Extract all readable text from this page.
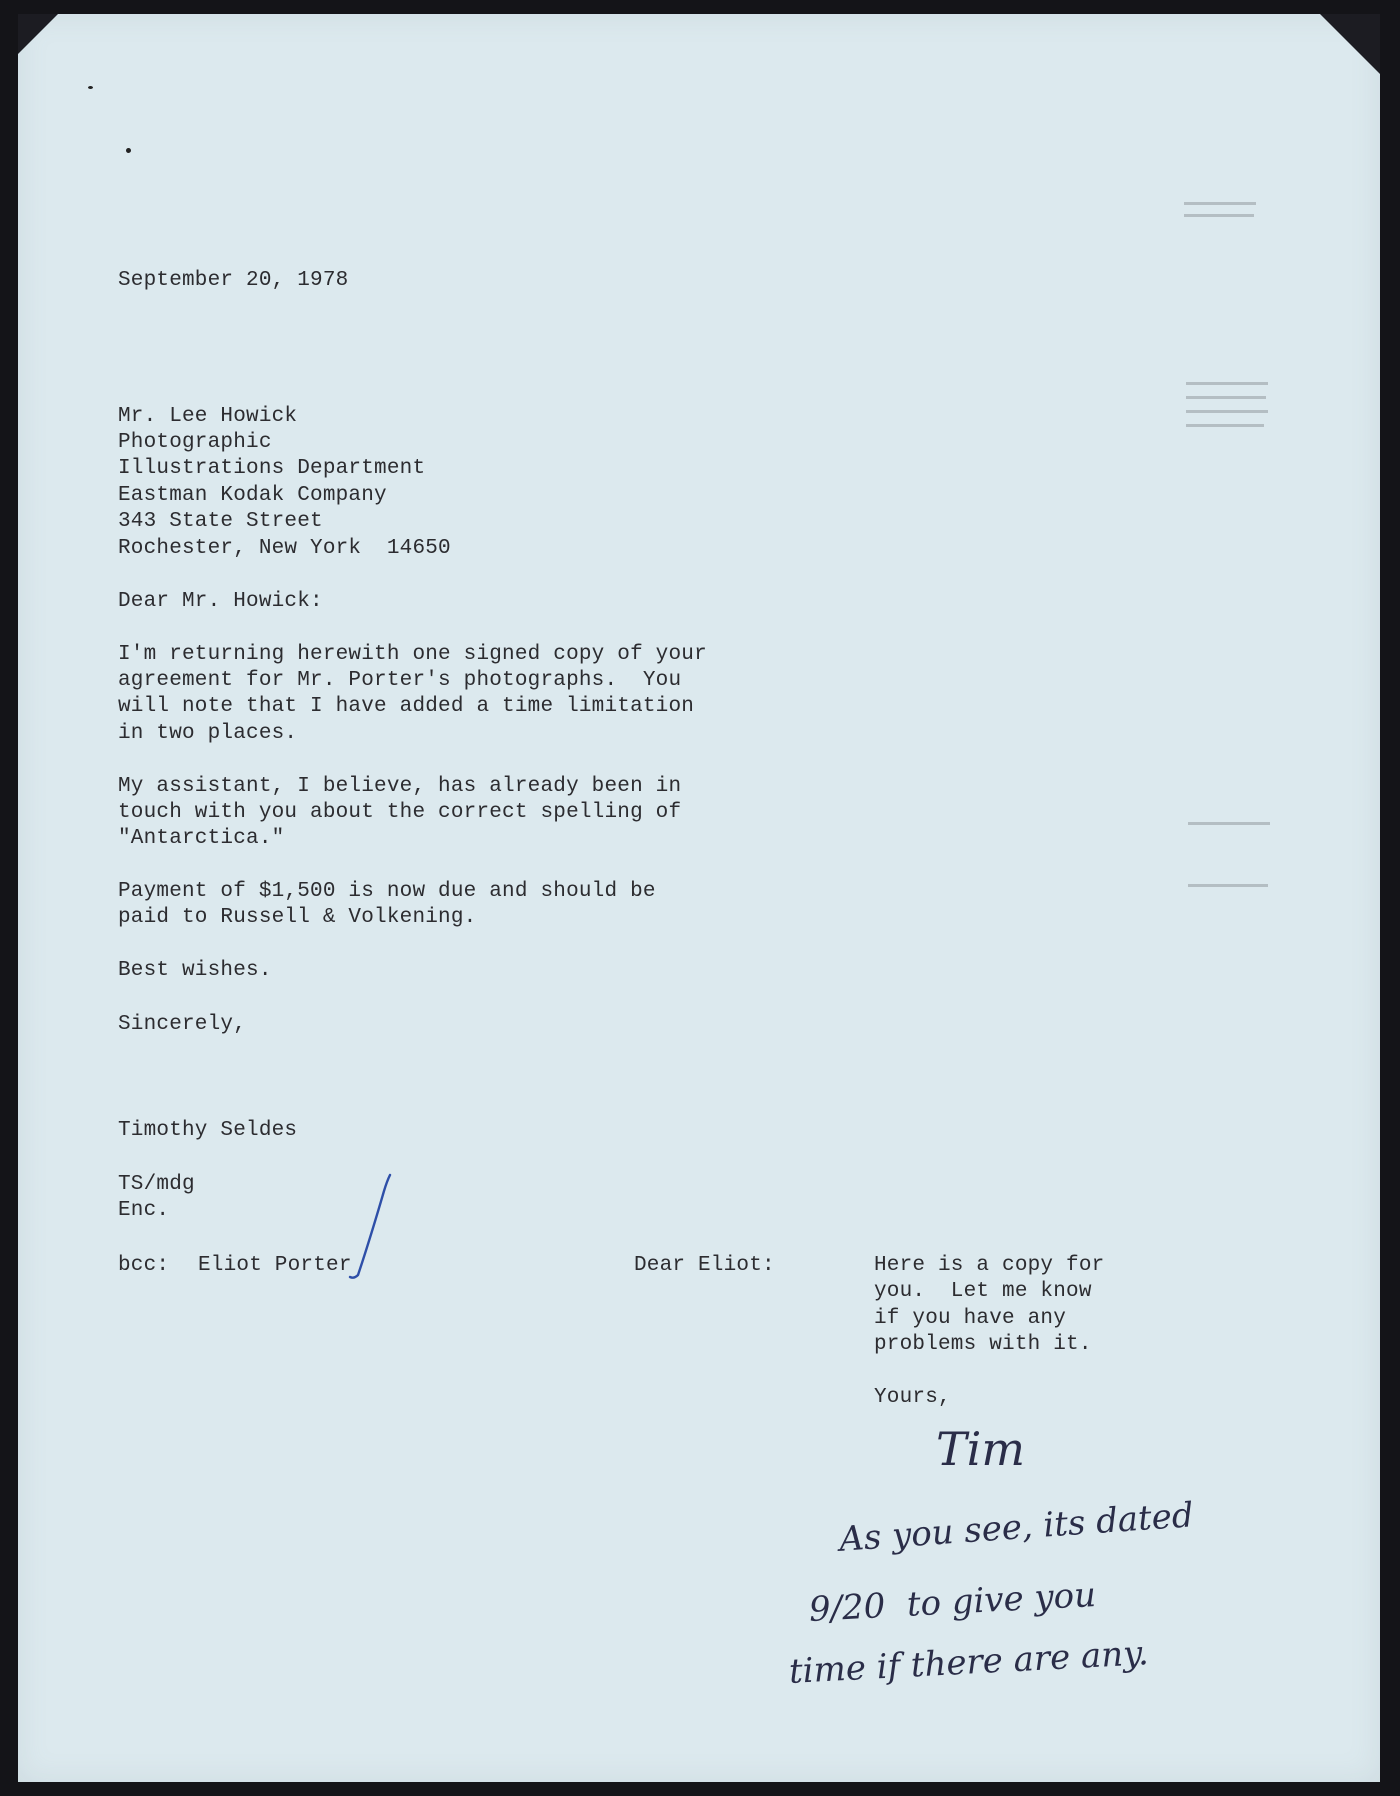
September 20, 1978
Mr. Lee Howick
Photographic
Illustrations Department
Eastman Kodak Company
343 State Street
Rochester, New York  14650
Dear Mr. Howick:
I'm returning herewith one signed copy of your
agreement for Mr. Porter's photographs.  You
will note that I have added a time limitation
in two places.
My assistant, I believe, has already been in
touch with you about the correct spelling of
"Antarctica."
Payment of $1,500 is now due and should be
paid to Russell & Volkening.
Best wishes.
Sincerely,
Timothy Seldes
TS/mdg
Enc.
bcc: Eliot Porter	Dear Eliot:	Here is a copy for
you.  Let me know
if you have any
problems with it.
Yours,
Tim
As you see, its dated
9/20  to give you
time if there are any.
